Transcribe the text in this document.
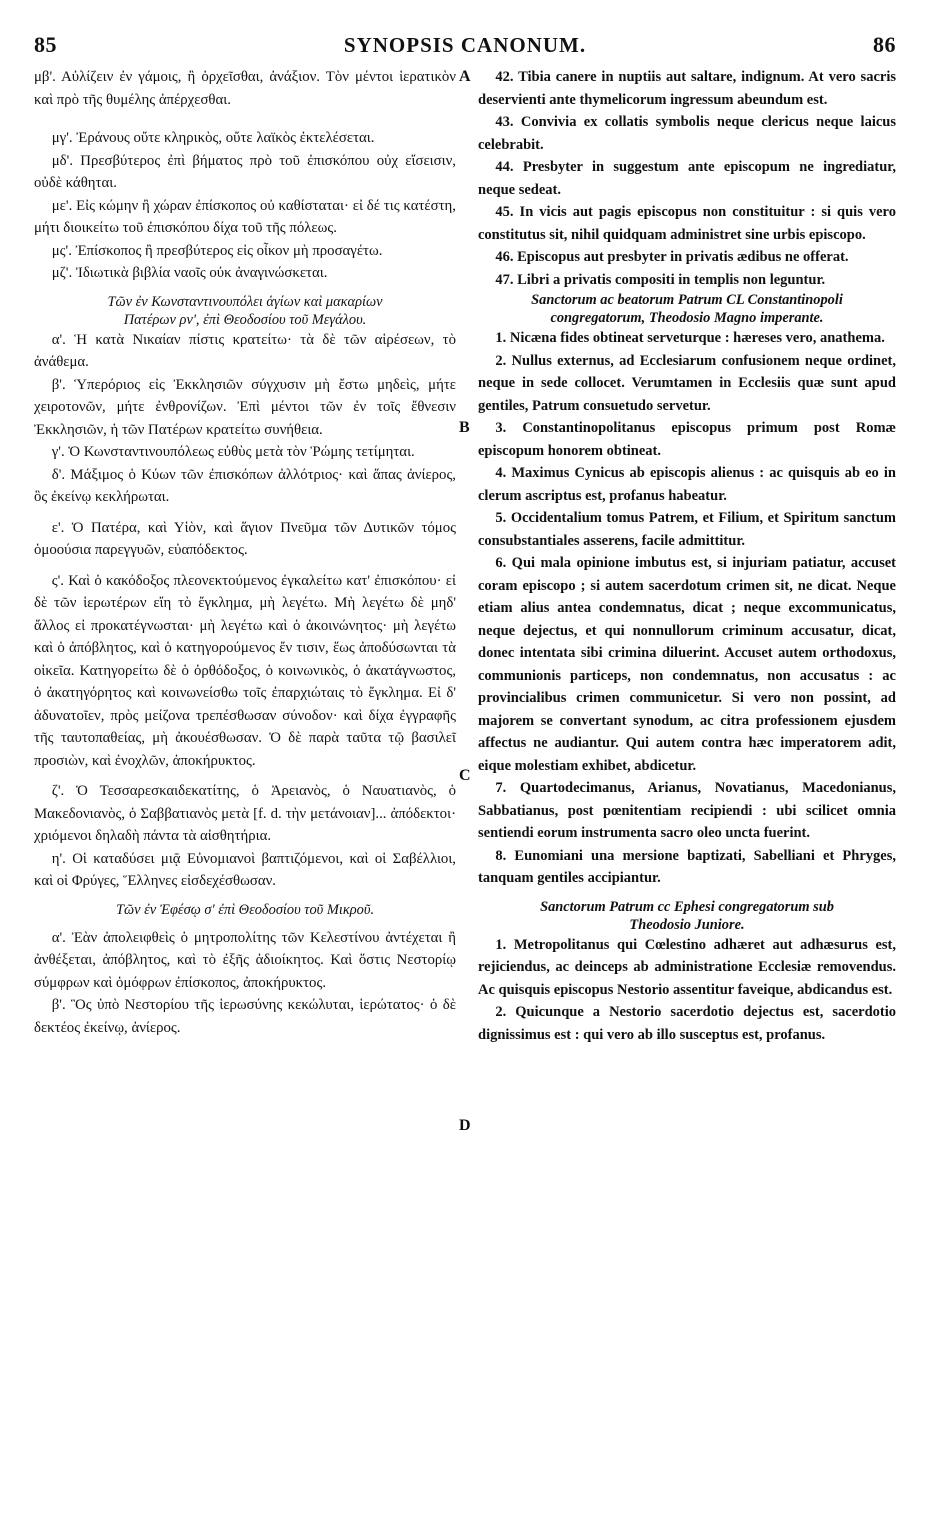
85	SYNOPSIS CANONUM.	86
A
B
C
D

μβ'. Αὐλίζειν ἐν γάμοις, ἢ ὀρχεῖσθαι, ἀνάξιον. Τὸν μέντοι ἱερατικὸν καὶ πρὸ τῆς θυμέλης ἀπέρχεσθαι.

μγ'. Ἐράνους οὔτε κληρικὸς, οὔτε λαϊκὸς ἐκτελέσεται.

μδ'. Πρεσβύτερος ἐπὶ βήματος πρὸ τοῦ ἐπισκόπου οὐχ εἴσεισιν, οὐδὲ κάθηται.

με'. Εἰς κώμην ἢ χώραν ἐπίσκοπος οὐ καθίσταται· εἰ δέ τις κατέστη, μήτι διοικείτω τοῦ ἐπισκόπου δίχα τοῦ τῆς πόλεως.

μς'. Ἐπίσκοπος ἢ πρεσβύτερος εἰς οἶκον μὴ προσαγέτω.

μζ'. Ἰδιωτικὰ βιβλία ναοῖς οὐκ ἀναγινώσκεται.

Τῶν ἐν Κωνσταντινουπόλει ἁγίων καὶ μακαρίων

Πατέρων ρν', ἐπὶ Θεοδοσίου τοῦ Μεγάλου.

α'. Ἡ κατὰ Νικαίαν πίστις κρατείτω· τὰ δὲ τῶν αἱρέσεων, τὸ ἀνάθεμα.

β'. Ὑπερόριος εἰς Ἐκκλησιῶν σύγχυσιν μὴ ἔστω μηδεὶς, μήτε χειροτονῶν, μήτε ἐνθρονίζων. Ἐπὶ μέντοι τῶν ἐν τοῖς ἔθνεσιν Ἐκκλησιῶν, ἡ τῶν Πατέρων κρατείτω συνήθεια.

γ'. Ὁ Κωνσταντινουπόλεως εὐθὺς μετὰ τὸν Ῥώμης τετίμηται.

δ'. Μάξιμος ὁ Κύων τῶν ἐπισκόπων ἀλλότριος· καὶ ἅπας ἀνίερος, ὃς ἐκείνῳ κεκλήρωται.

ε'. Ὁ Πατέρα, καὶ Υἱὸν, καὶ ἅγιον Πνεῦμα τῶν Δυτικῶν τόμος ὁμοούσια παρεγγυῶν, εὐαπόδεκτος.

ς'. Καὶ ὁ κακόδοξος πλεονεκτούμενος ἐγκαλείτω κατ' ἐπισκόπου· εἰ δὲ τῶν ἱερωτέρων εἴη τὸ ἔγκλημα, μὴ λεγέτω. Μὴ λεγέτω δὲ μηδ' ἄλλος εἰ προκατέγνωσται· μὴ λεγέτω καὶ ὁ ἀκοινώνητος· μὴ λεγέτω καὶ ὁ ἀπόβλητος, καὶ ὁ κατηγορούμενος ἔν τισιν, ἕως ἀποδύσωνται τὰ οἰκεῖα. Κατηγορείτω δὲ ὁ ὀρθόδοξος, ὁ κοινωνικὸς, ὁ ἀκατάγνωστος, ὁ ἀκατηγόρητος καὶ κοινωνείσθω τοῖς ἐπαρχιώταις τὸ ἔγκλημα. Εἰ δ' ἀδυνατοῖεν, πρὸς μείζονα τρεπέσθωσαν σύνοδον· καὶ δίχα ἐγγραφῆς τῆς ταυτοπαθείας, μὴ ἀκουέσθωσαν. Ὁ δὲ παρὰ ταῦτα τῷ βασιλεῖ προσιὼν, καὶ ἐνοχλῶν, ἀποκήρυκτος.

ζ'. Ὁ Τεσσαρεσκαιδεκατίτης, ὁ Ἀρειανὸς, ὁ Ναυατιανὸς, ὁ Μακεδονιανὸς, ὁ Σαββατιανὸς μετὰ [f. d. τὴν μετάνοιαν]... ἀπόδεκτοι· χριόμενοι δηλαδὴ πάντα τὰ αἰσθητήρια.

η'. Οἱ καταδύσει μιᾷ Εὐνομιανοὶ βαπτιζόμενοι, καὶ οἱ Σαβέλλιοι, καὶ οἱ Φρύγες, Ἕλληνες εἰσδεχέσθωσαν.

Τῶν ἐν Ἐφέσῳ σ' ἐπὶ Θεοδοσίου τοῦ Μικροῦ.

α'. Ἐὰν ἀπολειφθεὶς ὁ μητροπολίτης τῶν Κελεστίνου ἀντέχεται ἢ ἀνθέξεται, ἀπόβλητος, καὶ τὸ ἐξῆς ἀδιοίκητος. Καὶ ὅστις Νεστορίῳ σύμφρων καὶ ὁμόφρων ἐπίσκοπος, ἀποκήρυκτος.

β'. Ὃς ὑπὸ Νεστορίου τῆς ἱερωσύνης κεκώλυται, ἱερώτατος· ὁ δὲ δεκτέος ἐκείνῳ, ἀνίερος.

42. Tibia canere in nuptiis aut saltare, indignum. At vero sacris deservienti ante thymelicorum ingressum abeundum est.

43. Convivia ex collatis symbolis neque clericus neque laicus celebrabit.

44. Presbyter in suggestum ante episcopum ne ingrediatur, neque sedeat.

45. In vicis aut pagis episcopus non constituitur : si quis vero constitutus sit, nihil quidquam administret sine urbis episcopo.

46. Episcopus aut presbyter in privatis ædibus ne offerat.

47. Libri a privatis compositi in templis non leguntur.

Sanctorum ac beatorum Patrum CL Constantinopoli

congregatorum, Theodosio Magno imperante.

1. Nicæna fides obtineat serveturque : hæreses vero, anathema.

2. Nullus externus, ad Ecclesiarum confusionem neque ordinet, neque in sede collocet. Verumtamen in Ecclesiis quæ sunt apud gentiles, Patrum consuetudo servetur.

3. Constantinopolitanus episcopus primum post Romæ episcopum honorem obtineat.

4. Maximus Cynicus ab episcopis alienus : ac quisquis ab eo in clerum ascriptus est, profanus habeatur.

5. Occidentalium tomus Patrem, et Filium, et Spiritum sanctum consubstantiales asserens, facile admittitur.

6. Qui mala opinione imbutus est, si injuriam patiatur, accuset coram episcopo ; si autem sacerdotum crimen sit, ne dicat. Neque etiam alius antea condemnatus, dicat ; neque excommunicatus, neque dejectus, et qui nonnullorum criminum accusatur, dicat, donec intentata sibi crimina diluerint. Accuset autem orthodoxus, communionis particeps, non condemnatus, non accusatus : ac provincialibus crimen communicetur. Si vero non possint, ad majorem se convertant synodum, ac citra professionem ejusdem affectus ne audiantur. Qui autem contra hæc imperatorem adit, eique molestiam exhibet, abdicetur.

7. Quartodecimanus, Arianus, Novatianus, Macedonianus, Sabbatianus, post pœnitentiam recipiendi : ubi scilicet omnia sentiendi eorum instrumenta sacro oleo uncta fuerint.

8. Eunomiani una mersione baptizati, Sabelliani et Phryges, tanquam gentiles accipiantur.

Sanctorum Patrum cc Ephesi congregatorum sub

Theodosio Juniore.

1. Metropolitanus qui Cœlestino adhæret aut adhæsurus est, rejiciendus, ac deinceps ab administratione Ecclesiæ removendus. Ac quisquis episcopus Nestorio assentitur faveique, abdicandus est.

2. Quicunque a Nestorio sacerdotio dejectus est, sacerdotio dignissimus est : qui vero ab illo susceptus est, profanus.
